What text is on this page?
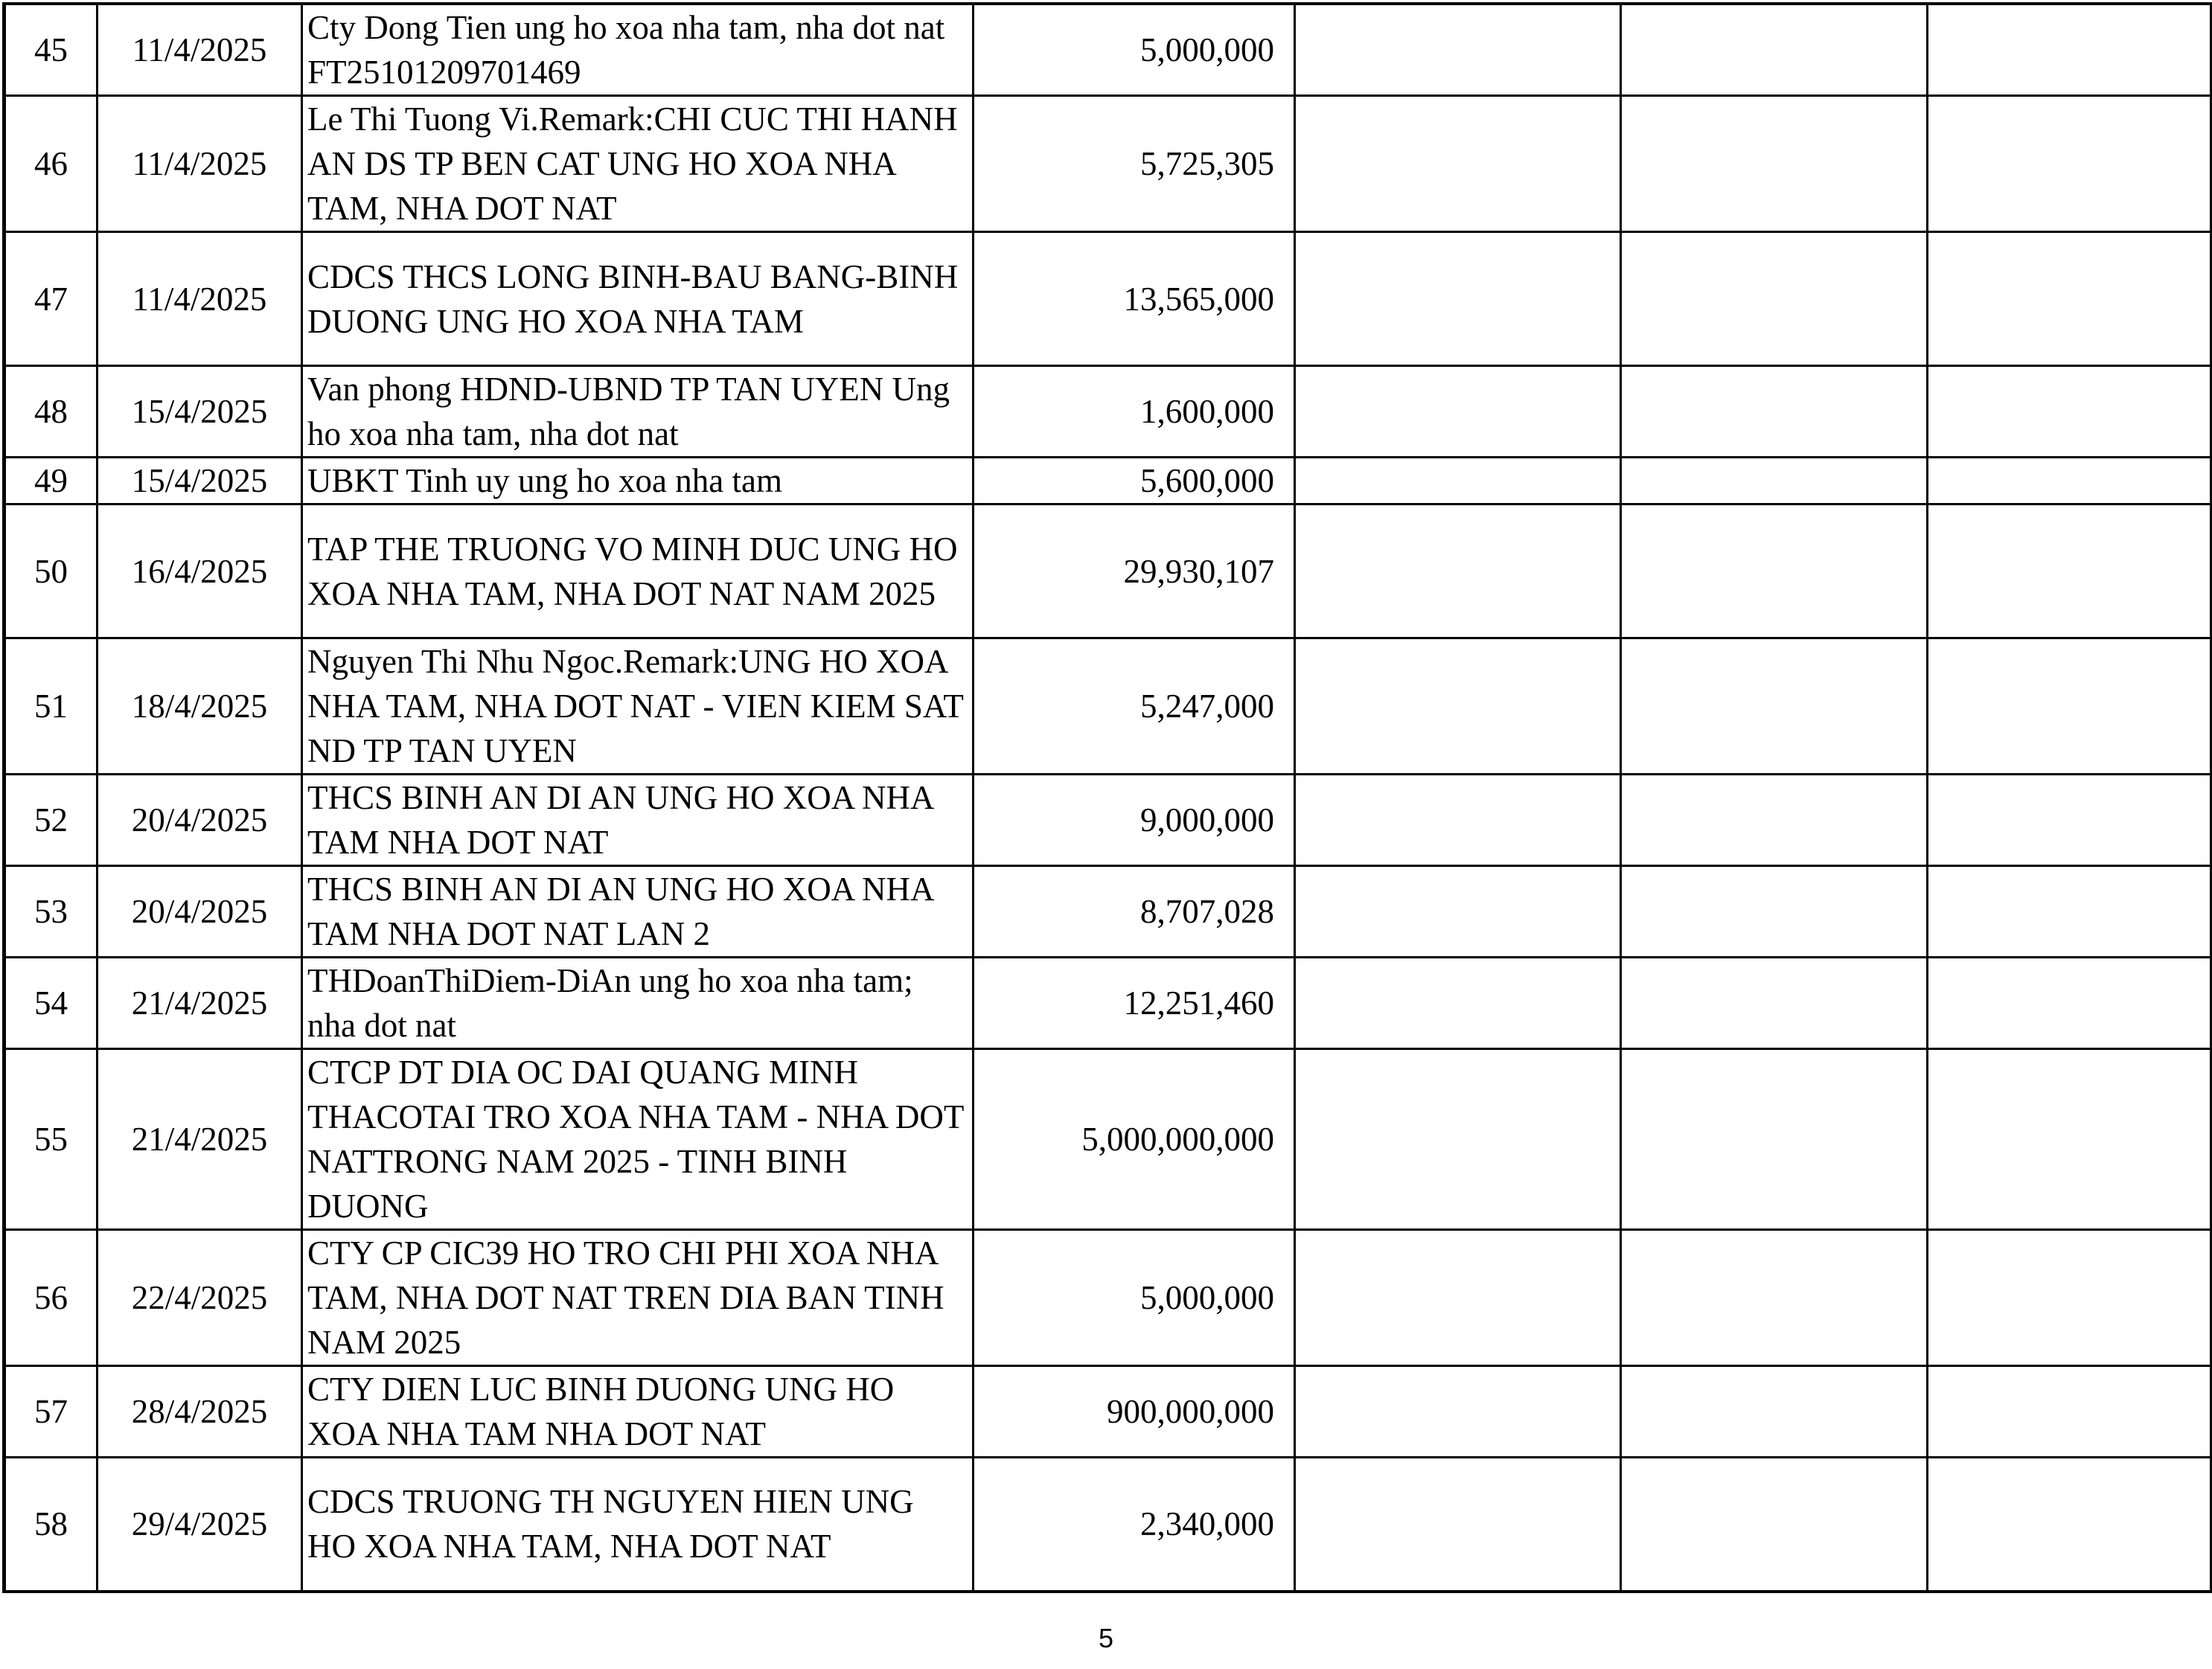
45	11/4/2025	Cty Dong Tien ung ho xoa nha tam, nha dot nat FT25101209701469	5,000,000			
46	11/4/2025	Le Thi Tuong Vi.Remark:CHI CUC THI HANH AN DS TP BEN CAT UNG HO XOA NHA TAM, NHA DOT NAT	5,725,305			
47	11/4/2025	CDCS THCS LONG BINH-BAU BANG-BINH DUONG UNG HO XOA NHA TAM	13,565,000			
48	15/4/2025	Van phong HDND-UBND TP TAN UYEN Ung ho xoa nha tam, nha dot nat	1,600,000			
49	15/4/2025	UBKT Tinh uy ung ho xoa nha tam	5,600,000			
50	16/4/2025	TAP THE TRUONG VO MINH DUC UNG HO XOA NHA TAM, NHA DOT NAT NAM 2025	29,930,107			
51	18/4/2025	Nguyen Thi Nhu Ngoc.Remark:UNG HO XOA NHA TAM, NHA DOT NAT - VIEN KIEM SAT ND TP TAN UYEN	5,247,000			
52	20/4/2025	THCS BINH AN DI AN UNG HO XOA NHA TAM NHA DOT NAT	9,000,000			
53	20/4/2025	THCS BINH AN DI AN UNG HO XOA NHA TAM NHA DOT NAT LAN 2	8,707,028			
54	21/4/2025	THDoanThiDiem-DiAn ung ho xoa nha tam; nha dot nat	12,251,460			
55	21/4/2025	CTCP DT DIA OC DAI QUANG MINH THACOTAI TRO XOA NHA TAM - NHA DOT NATTRONG NAM 2025 - TINH BINH DUONG	5,000,000,000			
56	22/4/2025	CTY CP CIC39 HO TRO CHI PHI XOA NHA TAM, NHA DOT NAT TREN DIA BAN TINH NAM 2025	5,000,000			
57	28/4/2025	CTY DIEN LUC BINH DUONG UNG HO XOA NHA TAM NHA DOT NAT	900,000,000			
58	29/4/2025	CDCS TRUONG TH NGUYEN HIEN UNG HO XOA NHA TAM, NHA DOT NAT	2,340,000			
5
